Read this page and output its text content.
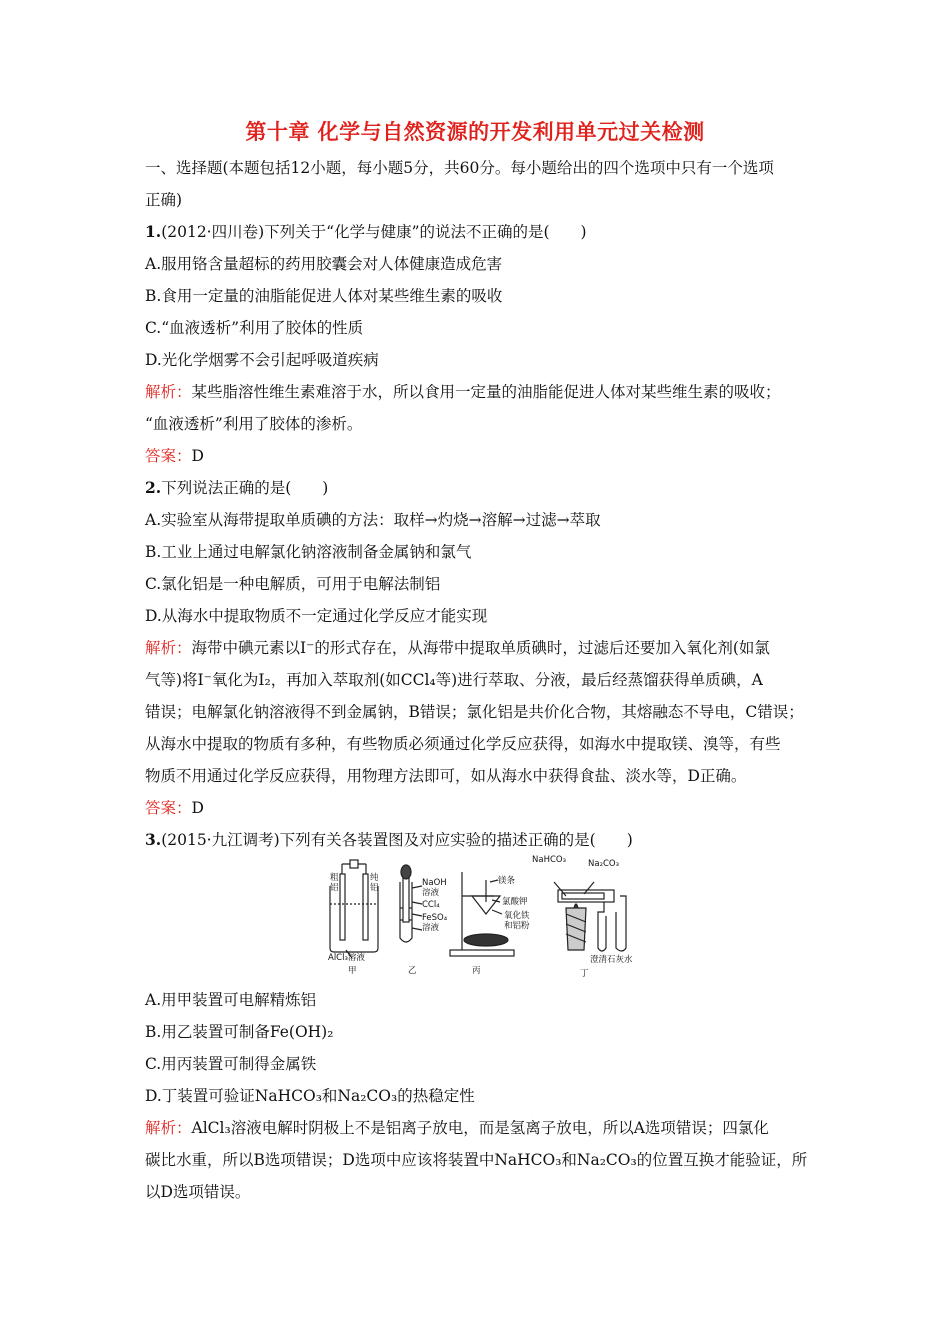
第十章 化学与自然资源的开发利用单元过关检测
一、选择题(本题包括12小题，每小题5分，共60分。每小题给出的四个选项中只有一个选项
正确)
1.(2012·四川卷)下列关于“化学与健康”的说法不正确的是(　　)
A.服用铬含量超标的药用胶囊会对人体健康造成危害
B.食用一定量的油脂能促进人体对某些维生素的吸收
C.“血液透析”利用了胶体的性质
D.光化学烟雾不会引起呼吸道疾病
解析：某些脂溶性维生素难溶于水，所以食用一定量的油脂能促进人体对某些维生素的吸收；
“血液透析”利用了胶体的渗析。
答案：D
2.下列说法正确的是(　　)
A.实验室从海带提取单质碘的方法：取样→灼烧→溶解→过滤→萃取
B.工业上通过电解氯化钠溶液制备金属钠和氯气
C.氯化铝是一种电解质，可用于电解法制铝
D.从海水中提取物质不一定通过化学反应才能实现
解析：海带中碘元素以I⁻的形式存在，从海带中提取单质碘时，过滤后还要加入氧化剂(如氯
气等)将I⁻氧化为I₂，再加入萃取剂(如CCl₄等)进行萃取、分液，最后经蒸馏获得单质碘，A
错误；电解氯化钠溶液得不到金属钠，B错误；氯化铝是共价化合物，其熔融态不导电，C错误；
从海水中提取的物质有多种，有些物质必须通过化学反应获得，如海水中提取镁、溴等，有些
物质不用通过化学反应获得，用物理方法即可，如从海水中获得食盐、淡水等，D正确。
答案：D
3.(2015·九江调考)下列有关各装置图及对应实验的描述正确的是(　　)
粗
铝
纯
铝
AlCl₃溶液
甲
NaOH
溶液
CCl₄
FeSO₄
溶液
乙
镁条
氯酸钾
氧化铁
和铝粉
丙
NaHCO₃	Na₂CO₃
澄清石灰水
丁
A.用甲装置可电解精炼铝
B.用乙装置可制备Fe(OH)₂
C.用丙装置可制得金属铁
D.丁装置可验证NaHCO₃和Na₂CO₃的热稳定性
解析：AlCl₃溶液电解时阴极上不是铝离子放电，而是氢离子放电，所以A选项错误；四氯化
碳比水重，所以B选项错误；D选项中应该将装置中NaHCO₃和Na₂CO₃的位置互换才能验证，所
以D选项错误。
